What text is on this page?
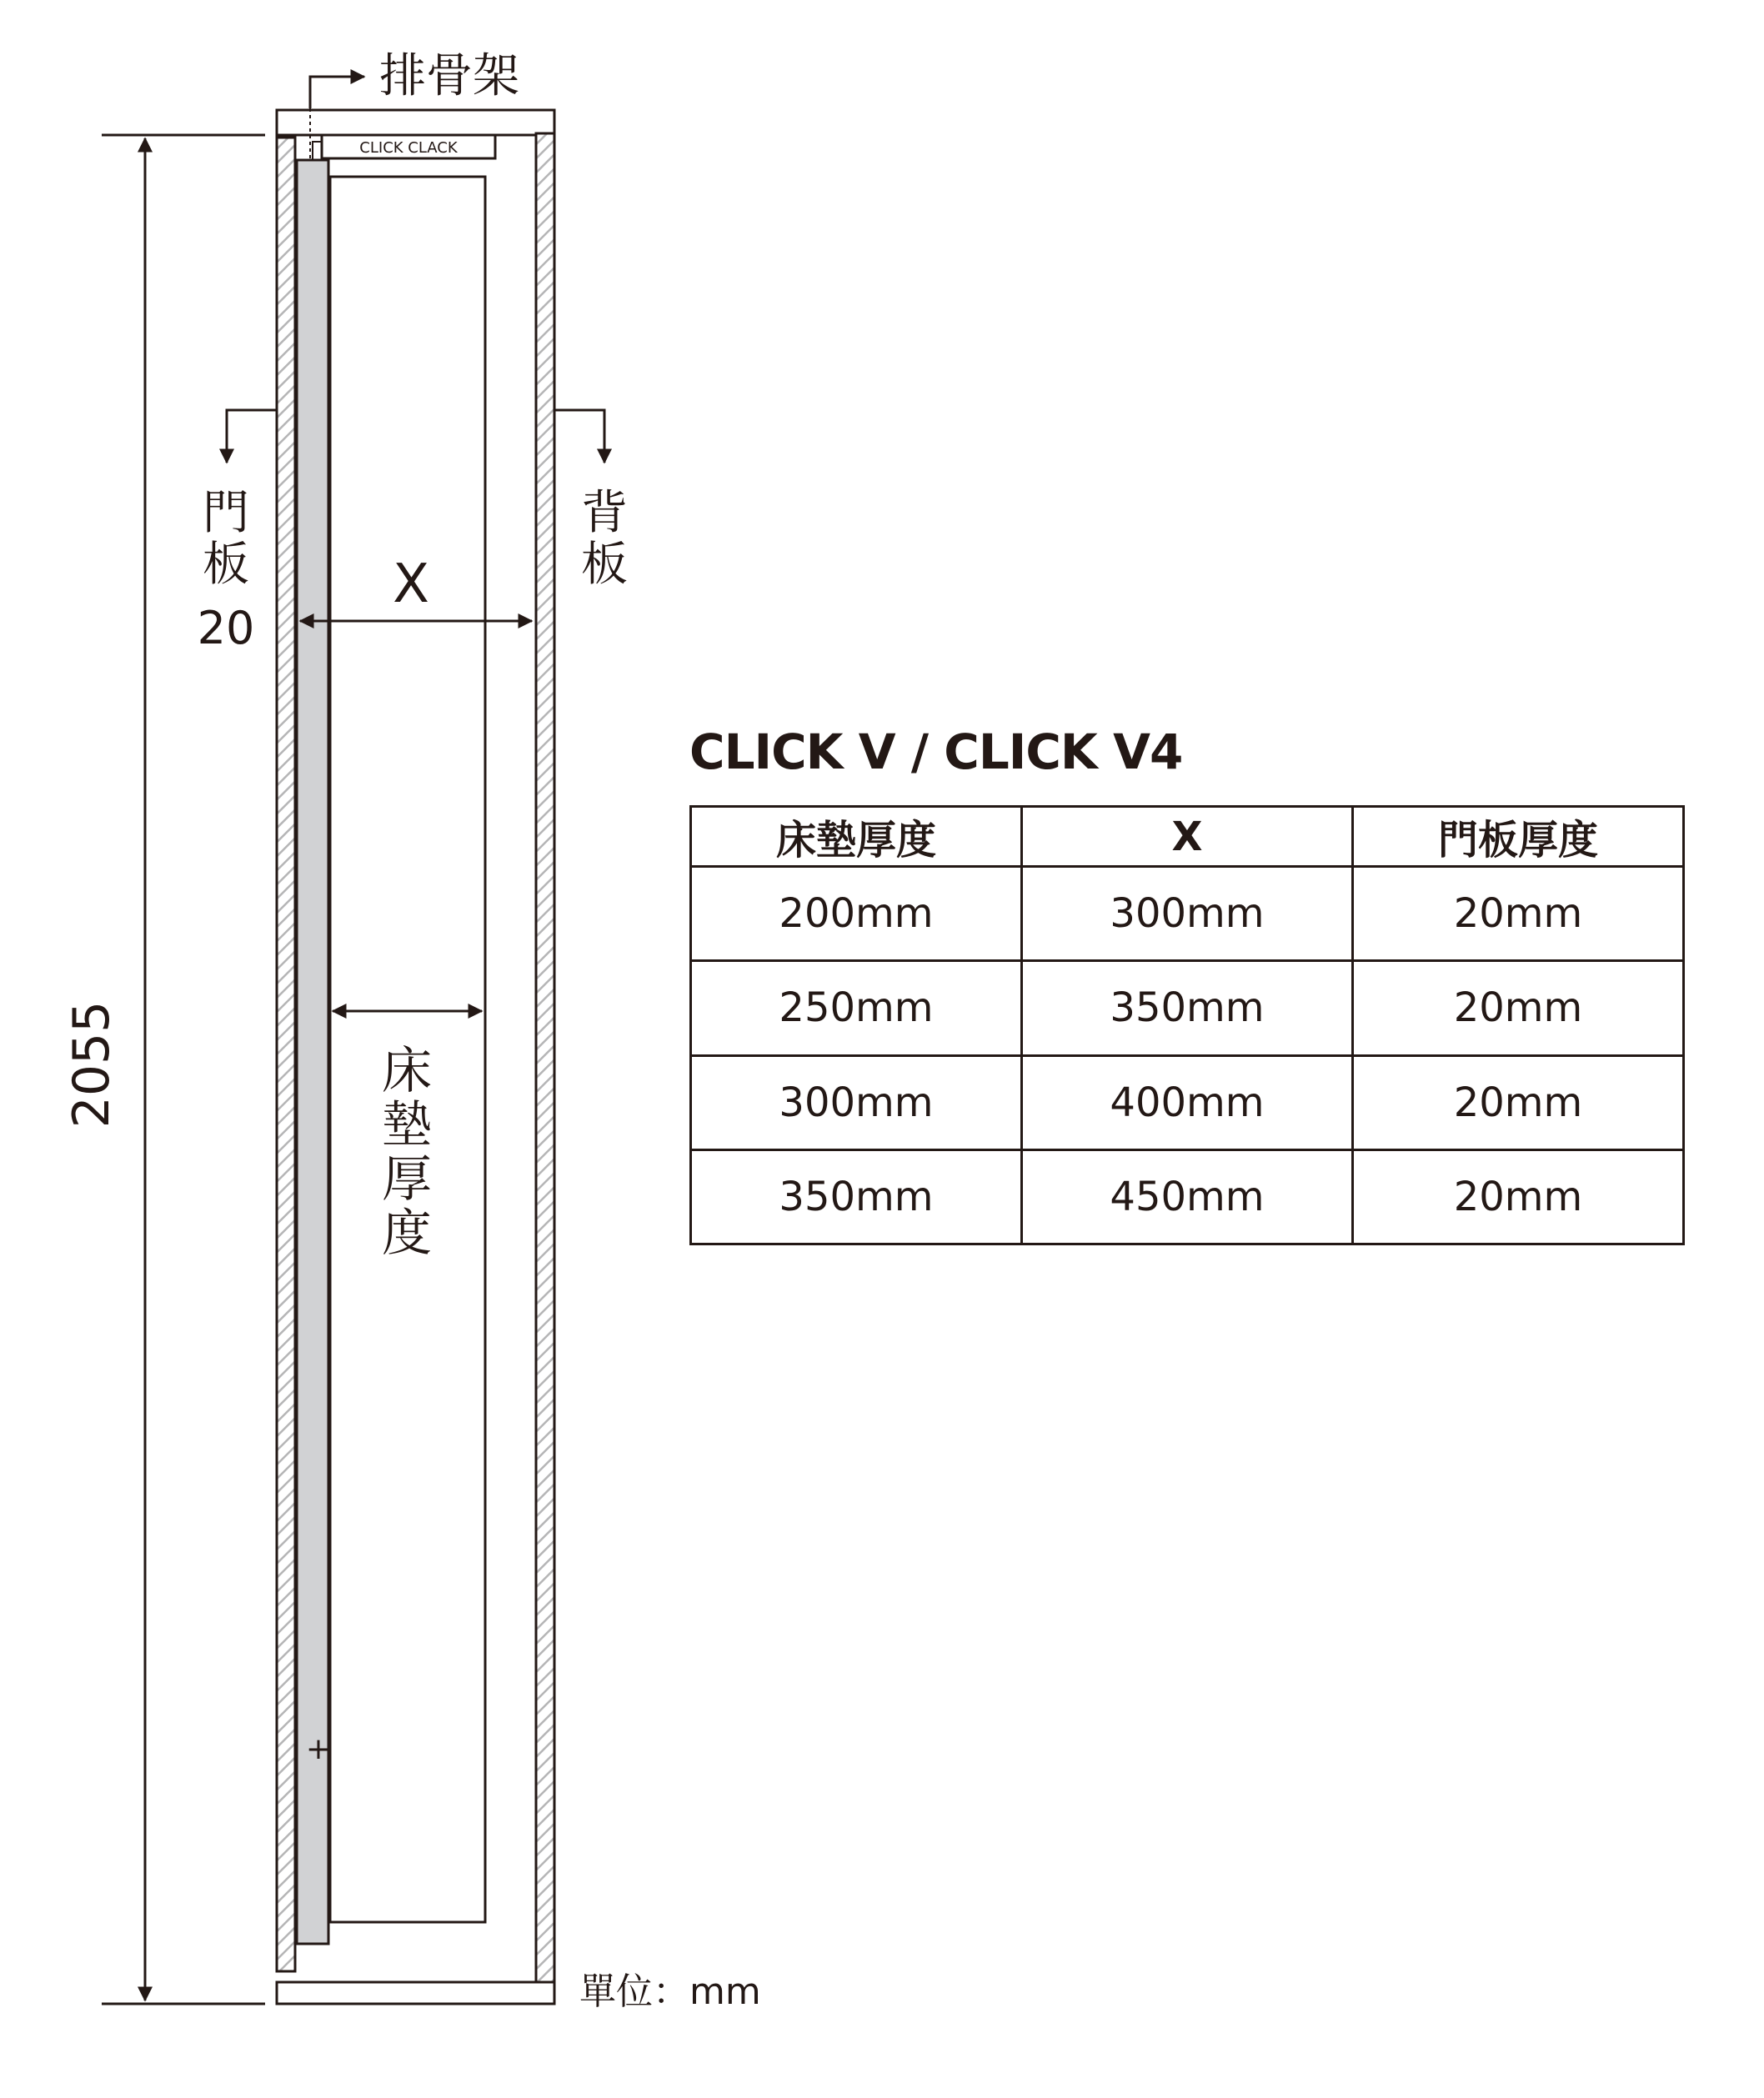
CLICK CLACK
+
排骨架
門
板
20
背
板
X
床
墊
厚
度
2055
單位：mm
CLICK V / CLICK V4
床墊厚度	X	門板厚度
200mm	300mm	20mm
250mm	350mm	20mm
300mm	400mm	20mm
350mm	450mm	20mm
